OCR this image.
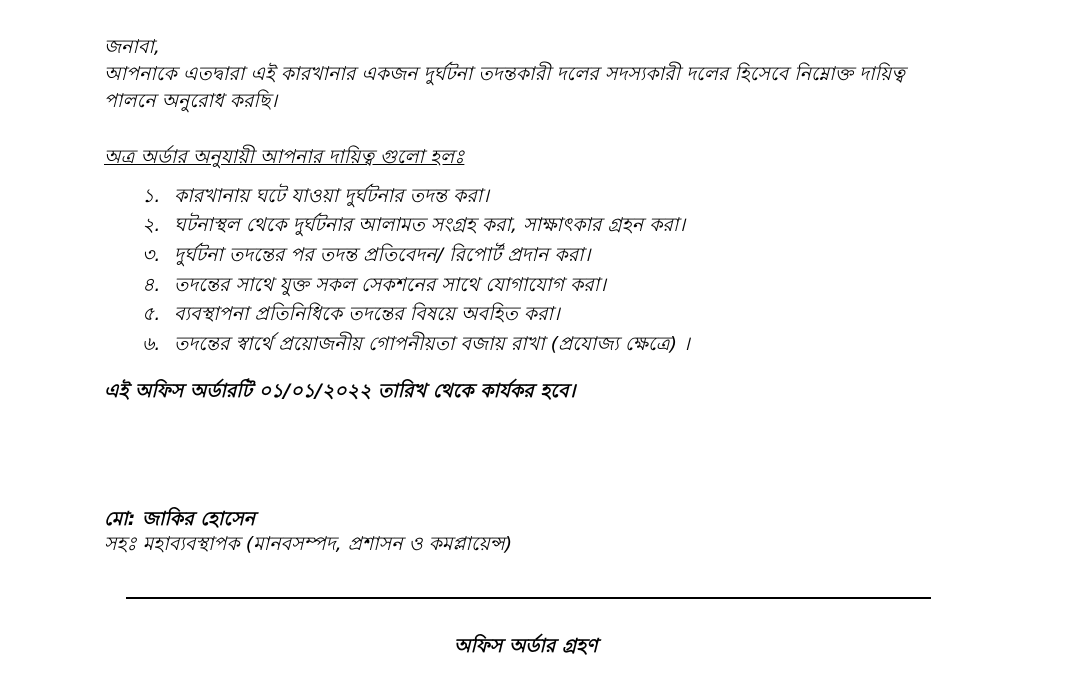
জনাবা,
আপনাকে এতদ্বারা এই কারখানার একজন দুর্ঘটনা তদন্তকারী দলের সদস্যকারী দলের হিসেবে নিম্নোক্ত দায়িত্ব
পালনে অনুরোধ করছি।
অত্র অর্ডার অনুযায়ী আপনার দায়িত্ব গুলো হলঃ
১. কারখানায় ঘটে যাওয়া দুর্ঘটনার তদন্ত করা।
২. ঘটনাস্থল থেকে দুর্ঘটনার আলামত সংগ্রহ করা, সাক্ষাৎকার গ্রহন করা।
৩. দুর্ঘটনা তদন্তের পর তদন্ত প্রতিবেদন/ রিপোর্ট প্রদান করা।
৪. তদন্তের সাথে যুক্ত সকল সেকশনের সাথে যোগাযোগ করা।
৫. ব্যবস্থাপনা প্রতিনিধিকে তদন্তের বিষয়ে অবহিত করা।
৬. তদন্তের স্বার্থে প্রয়োজনীয় গোপনীয়তা বজায় রাখা (প্রযোজ্য ক্ষেত্রে) ।
এই অফিস অর্ডারটি ০১/০১/২০২২ তারিখ থেকে কার্যকর হবে।
মো: জাকির হোসেন
সহঃ মহাব্যবস্থাপক (মানবসম্পদ, প্রশাসন ও কমপ্লায়েন্স)
অফিস অর্ডার গ্রহণ
